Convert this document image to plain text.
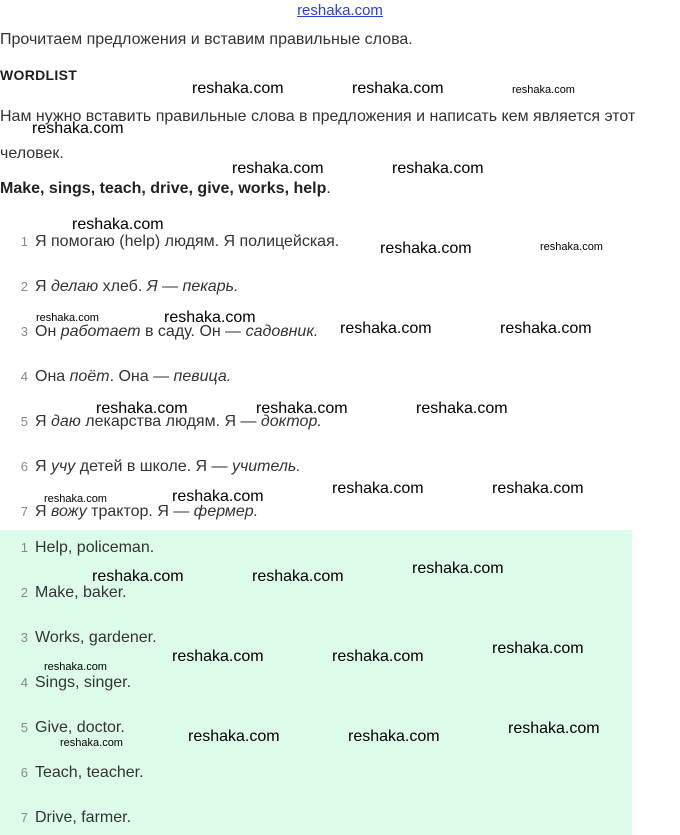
reshaka.com
Прочитаем предложения и вставим правильные слова.
WORDLIST
Нам нужно вставить правильные слова в предложения и написать кем является этот человек.
Make, sings, teach, drive, give, works, help.
1 Я помогаю (help) людям. Я полицейская.
2 Я делаю хлеб. Я — пекарь.
3 Он работает в саду. Он — садовник.
4 Она поёт. Она — певица.
5 Я даю лекарства людям. Я — доктор.
6 Я учу детей в школе. Я — учитель.
7 Я вожу трактор. Я — фермер.
1 Help, policeman.
2 Make, baker.
3 Works, gardener.
4 Sings, singer.
5 Give, doctor.
6 Teach, teacher.
7 Drive, farmer.
reshaka.com	reshaka.com	reshaka.com
reshaka.com
reshaka.com	reshaka.com
reshaka.com
reshaka.com	reshaka.com
reshaka.com	reshaka.com
reshaka.com	reshaka.com
reshaka.com	reshaka.com	reshaka.com
reshaka.com	reshaka.com	reshaka.com	reshaka.com
reshaka.com	reshaka.com	reshaka.com
reshaka.com
reshaka.com	reshaka.com	reshaka.com
reshaka.com	reshaka.com	reshaka.com	reshaka.com
